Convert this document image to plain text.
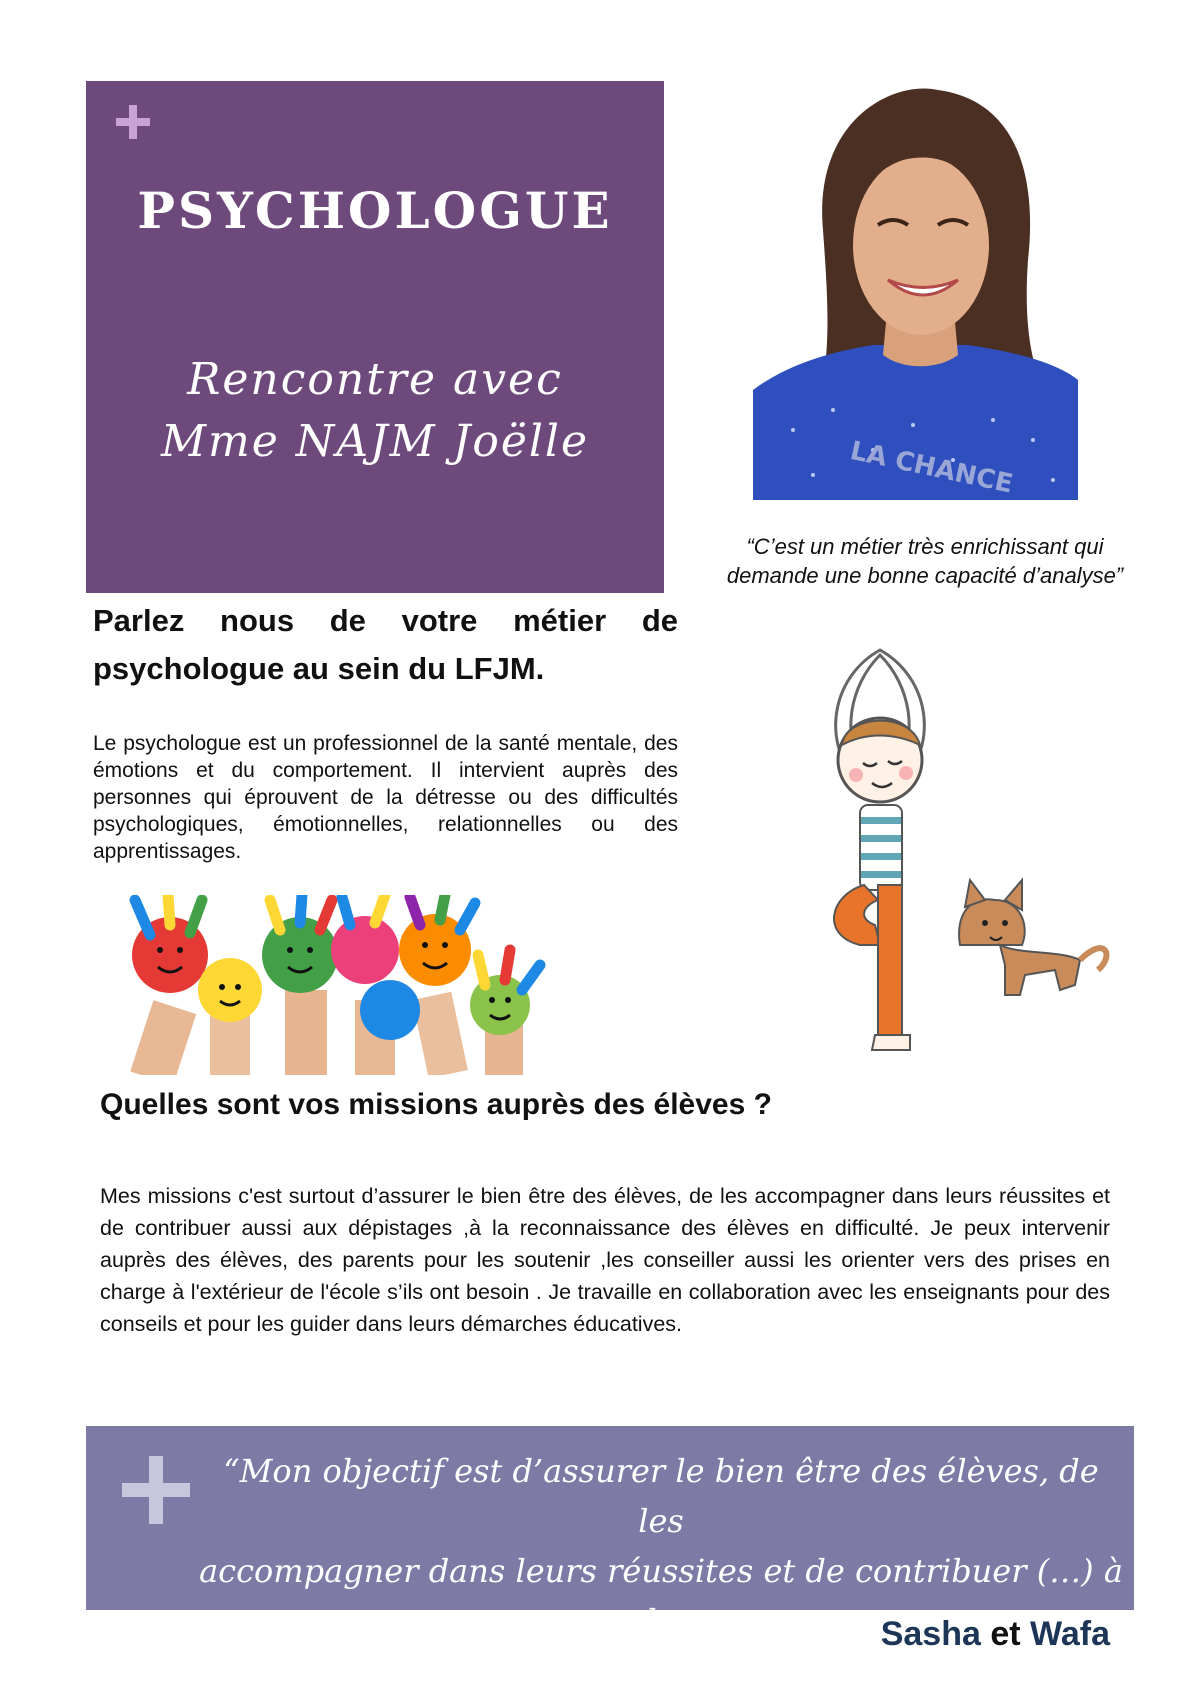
PSYCHOLOGUE
Rencontre avec
Mme NAJM Joëlle	LA CHANCE
“C’est un métier très enrichissant qui
demande une bonne capacité d’analyse”
Parlez nous de votre métier de psychologue au sein du LFJM.
Le psychologue est un professionnel de la santé mentale, des émotions et du comportement. Il intervient auprès des personnes qui éprouvent de la détresse ou des difficultés psychologiques, émotionnelles, relationnelles ou des apprentissages.
Quelles sont vos missions auprès des élèves ?
Mes missions c'est surtout d’assurer le bien être des élèves, de les accompagner dans leurs réussites et de contribuer aussi aux dépistages ,à la reconnaissance des élèves en difficulté. Je peux intervenir auprès des élèves, des parents pour les soutenir ,les conseiller aussi les orienter vers des prises en charge à l'extérieur de l'école s’ils ont besoin . Je travaille en collaboration avec les enseignants pour des conseils et pour les guider dans leurs démarches éducatives.
“Mon objectif est d’assurer le bien être des élèves, de les
accompagner dans leurs réussites et de contribuer (…) à la
reconnaissance des élèves en difficulté”.
Sasha et Wafa
